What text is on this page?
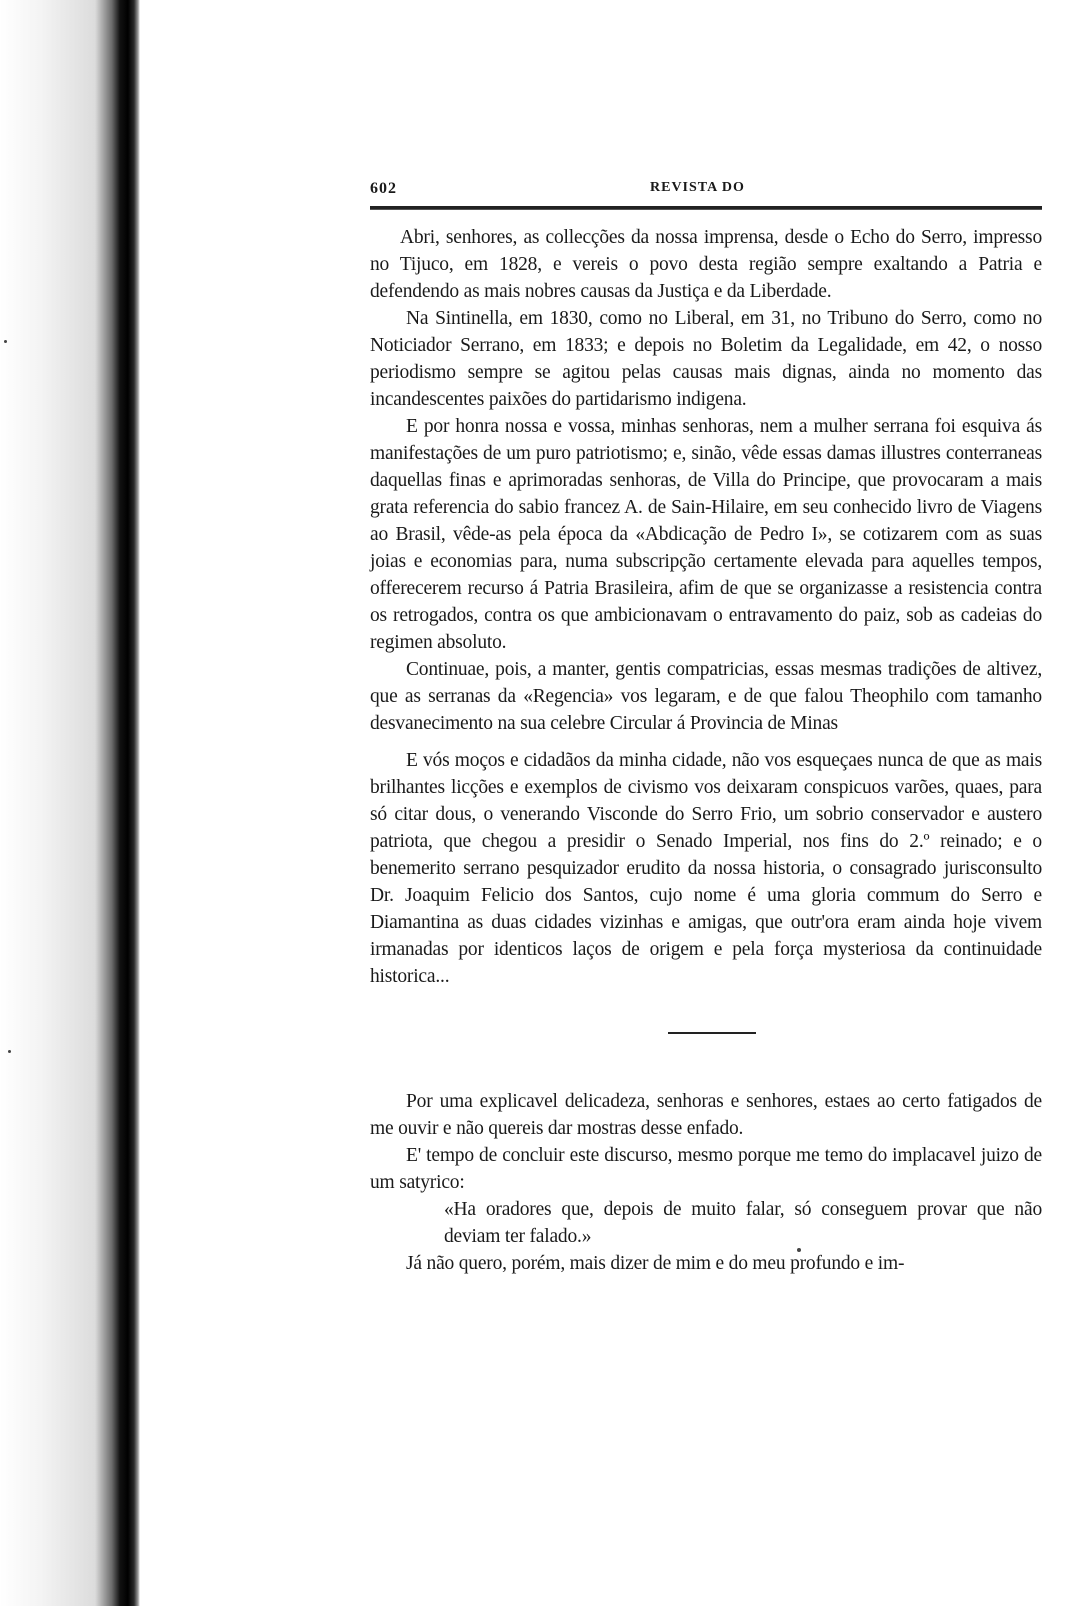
602	REVISTA DO

Abri, senhores, as collecções da nossa imprensa, desde o Echo do Serro, impresso no Tijuco, em 1828, e vereis o povo desta região sempre exaltando a Patria e defendendo as mais nobres causas da Justiça e da Liberdade.

Na Sintinella, em 1830, como no Liberal, em 31, no Tribuno do Serro, como no Noticiador Serrano, em 1833; e depois no Boletim da Legalidade, em 42, o nosso periodismo sempre se agitou pelas causas mais dignas, ainda no momento das incandescentes paixões do partidarismo indigena.

E por honra nossa e vossa, minhas senhoras, nem a mulher serrana foi esquiva ás manifestações de um puro patriotismo; e, sinão, vêde essas damas illustres conterraneas daquellas finas e aprimoradas senhoras, de Villa do Principe, que provocaram a mais grata referencia do sabio francez A. de Sain-Hilaire, em seu conhecido livro de Viagens ao Brasil, vêde-as pela época da «Abdicação de Pedro I», se cotizarem com as suas joias e economias para, numa subscripção certamente elevada para aquelles tempos, offerecerem recurso á Patria Brasileira, afim de que se organizasse a resistencia contra os retrogados, contra os que ambicionavam o entravamento do paiz, sob as cadeias do regimen absoluto.

Continuae, pois, a manter, gentis compatricias, essas mesmas tradições de altivez, que as serranas da «Regencia» vos legaram, e de que falou Theophilo com tamanho desvanecimento na sua celebre Circular á Provincia de Minas

E vós moços e cidadãos da minha cidade, não vos esqueçaes nunca de que as mais brilhantes licções e exemplos de civismo vos deixaram conspicuos varões, quaes, para só citar dous, o venerando Visconde do Serro Frio, um sobrio conservador e austero patriota, que chegou a presidir o Senado Imperial, nos fins do 2.º reinado; e o benemerito serrano pesquizador erudito da nossa historia, o consagrado jurisconsulto Dr. Joaquim Felicio dos Santos, cujo nome é uma gloria commum do Serro e Diamantina as duas cidades vizinhas e amigas, que outr'ora eram ainda hoje vivem irmanadas por identicos laços de origem e pela força mysteriosa da continuidade historica...

Por uma explicavel delicadeza, senhoras e senhores, estaes ao certo fatigados de me ouvir e não quereis dar mostras desse enfado.

E' tempo de concluir este discurso, mesmo porque me temo do implacavel juizo de um satyrico:

«Ha oradores que, depois de muito falar, só conseguem provar que não deviam ter falado.»

Já não quero, porém, mais dizer de mim e do meu profundo e im-
